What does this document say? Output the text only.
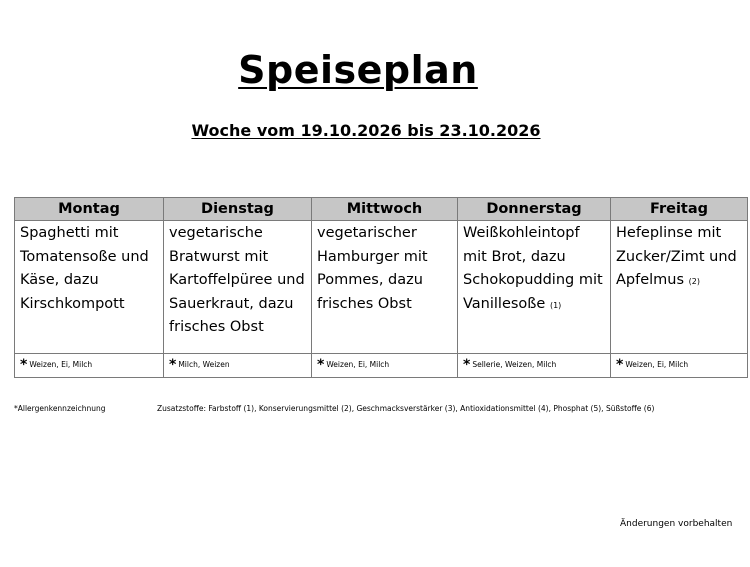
Speiseplan
Woche vom 19.10.2026 bis 23.10.2026
Montag	Dienstag	Mittwoch	Donnerstag	Freitag
Spaghetti mit Tomatensoße und Käse, dazu Kirschkompott	vegetarische Bratwurst mit Kartoffelpüree und Sauerkraut, dazu frisches Obst	vegetarischer Hamburger mit Pommes, dazu frisches Obst	Weißkohleintopf mit Brot, dazu Schokopudding mit Vanillesoße (1)	Hefeplinse mit Zucker/Zimt und Apfelmus (2)
* Weizen, Ei, Milch	* Milch, Weizen	* Weizen, Ei, Milch	* Sellerie, Weizen, Milch	* Weizen, Ei, Milch
*Allergenkennzeichnung	Zusatzstoffe: Farbstoff (1), Konservierungsmittel (2), Geschmacksverstärker (3), Antioxidationsmittel (4), Phosphat (5), Süßstoffe (6)
Änderungen vorbehalten
